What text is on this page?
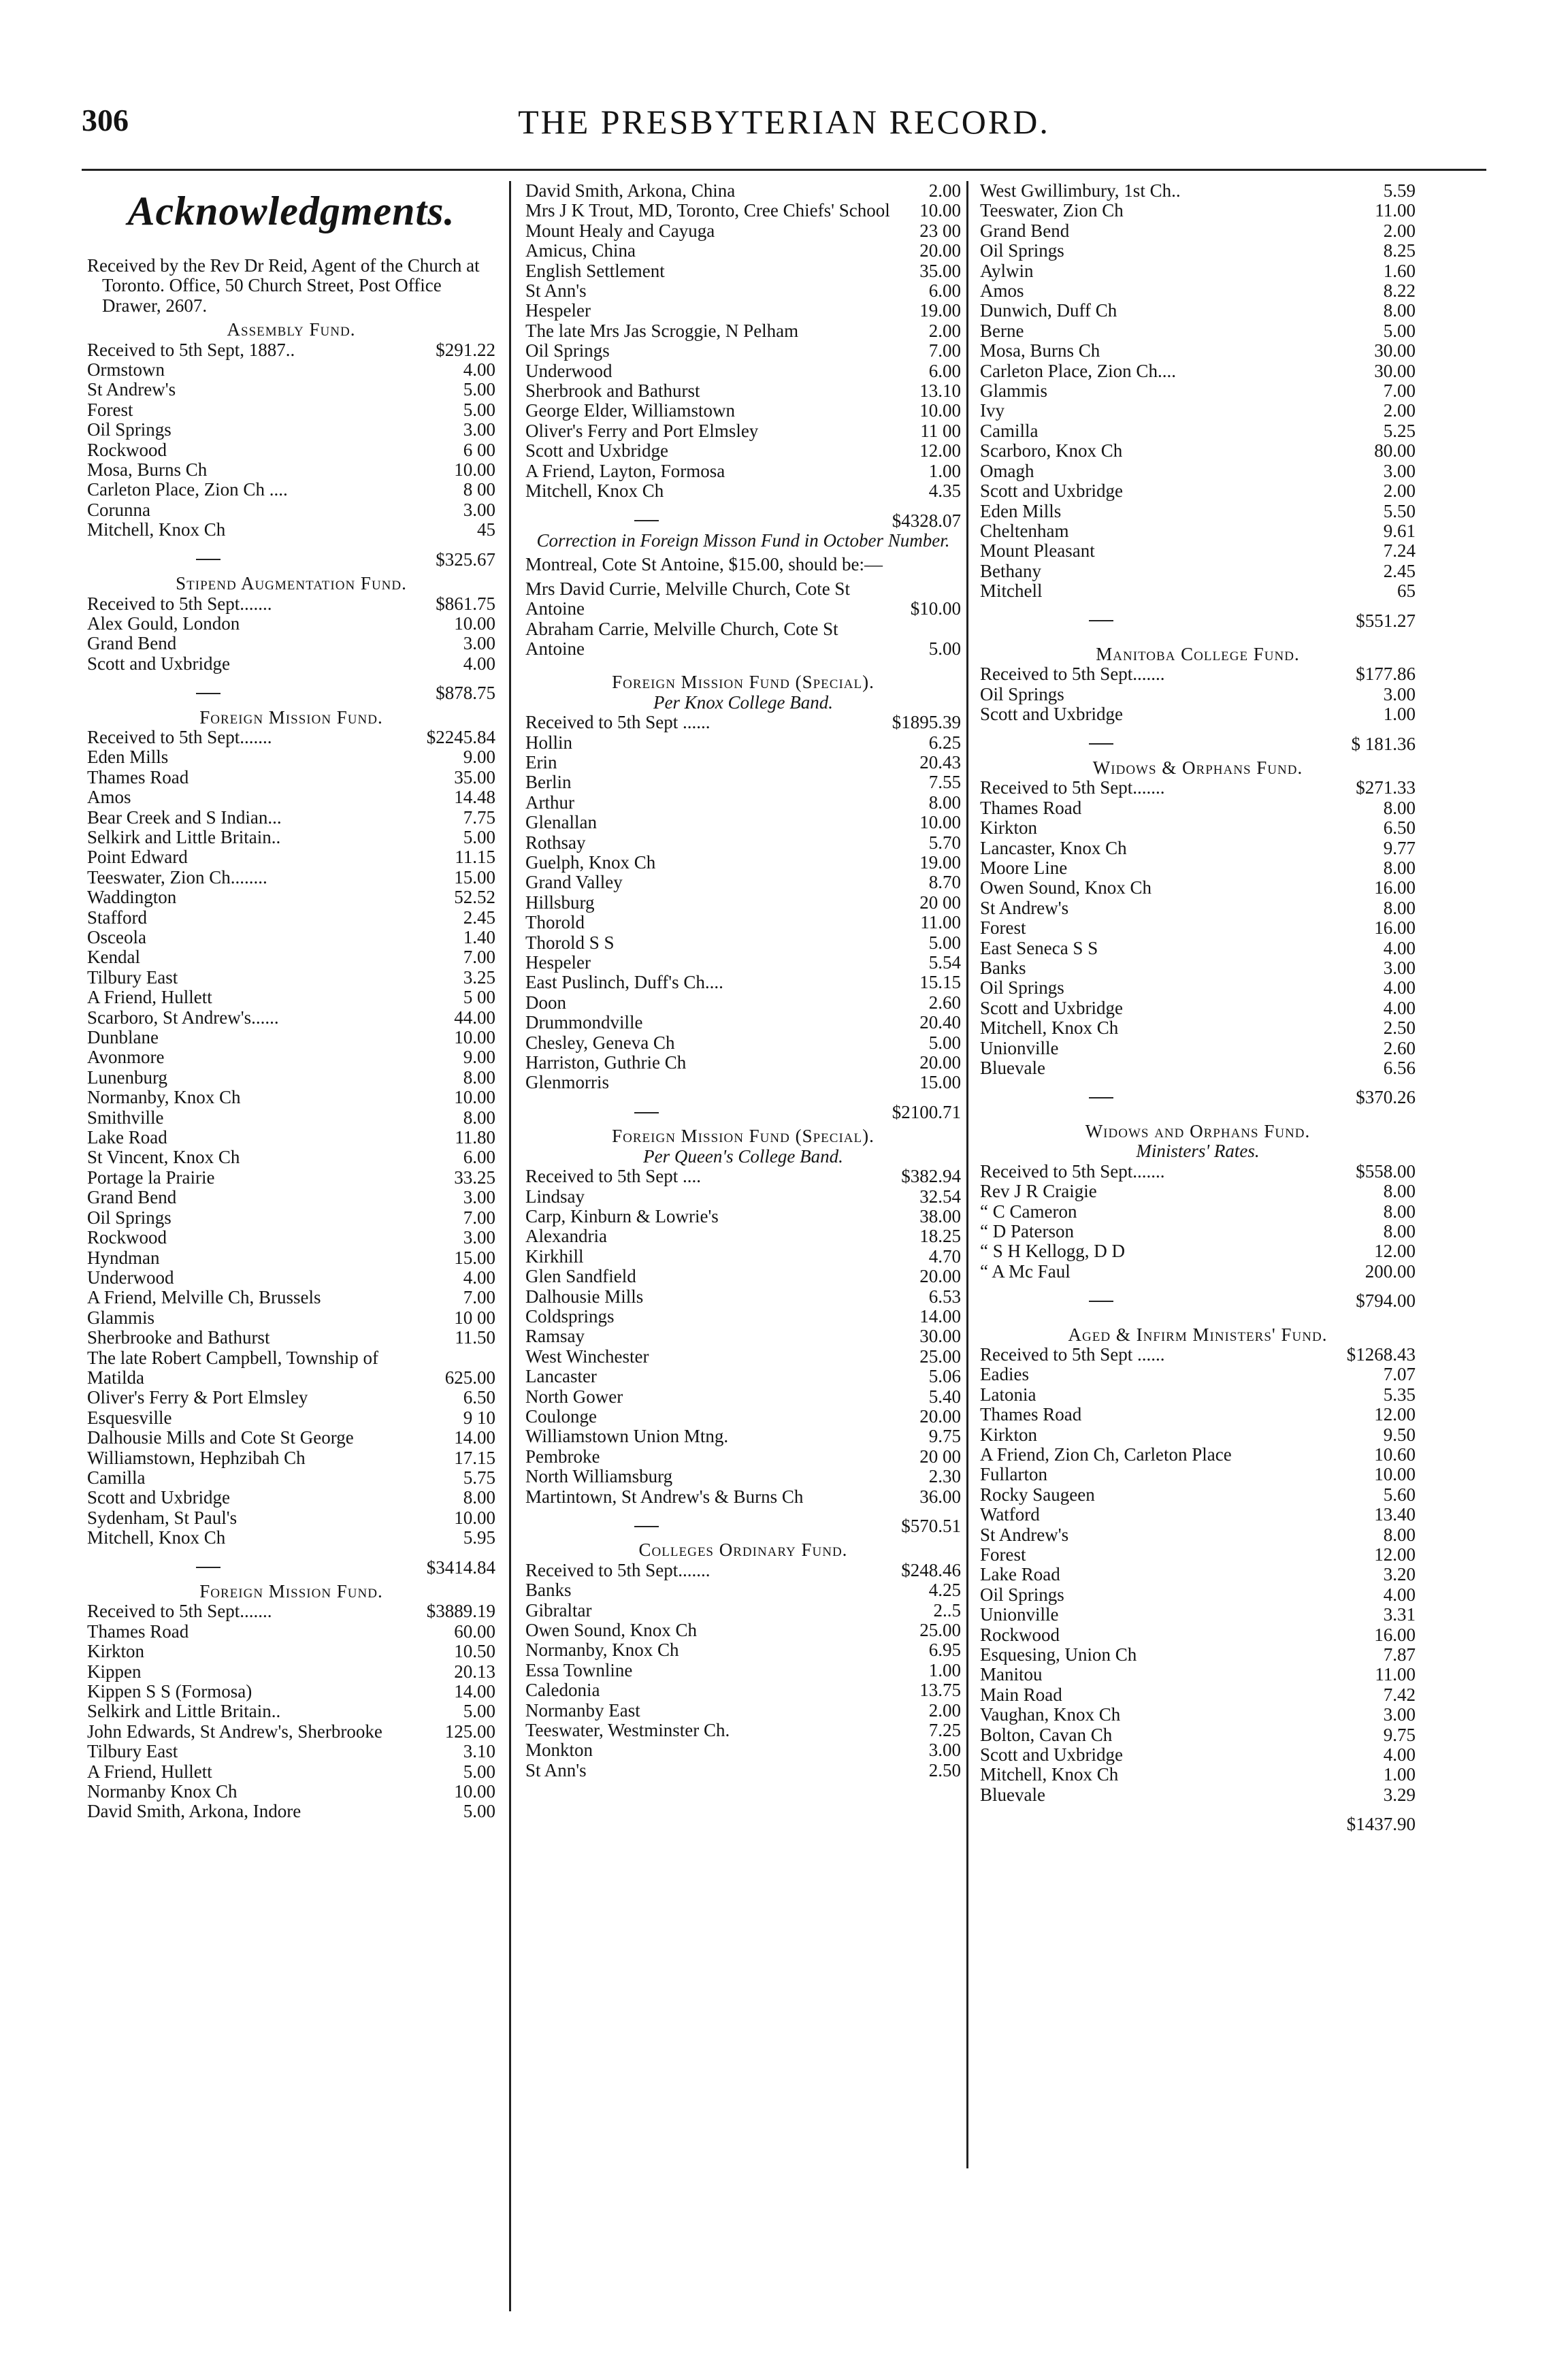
306	THE PRESBYTERIAN RECORD.
Acknowledgments.
Received by the Rev Dr Reid, Agent of the Church at Toronto. Office, 50 Church Street, Post Office Drawer, 2607.
Assembly Fund.
Received to 5th Sept, 1887..	$291.22
Ormstown	4.00
St Andrew's	5.00
Forest	5.00
Oil Springs	3.00
Rockwood	6 00
Mosa, Burns Ch	10.00
Carleton Place, Zion Ch ....	8 00
Corunna	3.00
Mitchell, Knox Ch	45
$325.67
Stipend Augmentation Fund.
Received to 5th Sept.......	$861.75
Alex Gould, London	10.00
Grand Bend	3.00
Scott and Uxbridge	4.00
$878.75
Foreign Mission Fund.
Received to 5th Sept.......	$2245.84
Eden Mills	9.00
Thames Road	35.00
Amos	14.48
Bear Creek and S Indian...	7.75
Selkirk and Little Britain..	5.00
Point Edward	11.15
Teeswater, Zion Ch........	15.00
Waddington	52.52
Stafford	2.45
Osceola	1.40
Kendal	7.00
Tilbury East	3.25
A Friend, Hullett	5 00
Scarboro, St Andrew's......	44.00
Dunblane	10.00
Avonmore	9.00
Lunenburg	8.00
Normanby, Knox Ch	10.00
Smithville	8.00
Lake Road	11.80
St Vincent, Knox Ch	6.00
Portage la Prairie	33.25
Grand Bend	3.00
Oil Springs	7.00
Rockwood	3.00
Hyndman	15.00
Underwood	4.00
A Friend, Melville Ch, Brussels	7.00
Glammis	10 00
Sherbrooke and Bathurst	11.50
The late Robert Campbell, Township of Matilda	625.00
Oliver's Ferry & Port Elmsley	6.50
Esquesville	9 10
Dalhousie Mills and Cote St George	14.00
Williamstown, Hephzibah Ch	17.15
Camilla	5.75
Scott and Uxbridge	8.00
Sydenham, St Paul's	10.00
Mitchell, Knox Ch	5.95
$3414.84
Foreign Mission Fund.
Received to 5th Sept.......	$3889.19
Thames Road	60.00
Kirkton	10.50
Kippen	20.13
Kippen S S (Formosa)	14.00
Selkirk and Little Britain..	5.00
John Edwards, St Andrew's, Sherbrooke	125.00
Tilbury East	3.10
A Friend, Hullett	5.00
Normanby Knox Ch	10.00
David Smith, Arkona, Indore	5.00
David Smith, Arkona, China	2.00
Mrs J K Trout, MD, Toronto, Cree Chiefs' School	10.00
Mount Healy and Cayuga	23 00
Amicus, China	20.00
English Settlement	35.00
St Ann's	6.00
Hespeler	19.00
The late Mrs Jas Scroggie, N Pelham	2.00
Oil Springs	7.00
Underwood	6.00
Sherbrook and Bathurst	13.10
George Elder, Williamstown	10.00
Oliver's Ferry and Port Elmsley	11 00
Scott and Uxbridge	12.00
A Friend, Layton, Formosa	1.00
Mitchell, Knox Ch	4.35
$4328.07
Correction in Foreign Misson Fund in October Number.
Montreal, Cote St Antoine, $15.00, should be:—
Mrs David Currie, Melville Church, Cote St Antoine	$10.00
Abraham Carrie, Melville Church, Cote St Antoine	5.00
Foreign Mission Fund (Special).
Per Knox College Band.
Received to 5th Sept ......	$1895.39
Hollin	6.25
Erin	20.43
Berlin	7.55
Arthur	8.00
Glenallan	10.00
Rothsay	5.70
Guelph, Knox Ch	19.00
Grand Valley	8.70
Hillsburg	20 00
Thorold	11.00
Thorold S S	5.00
Hespeler	5.54
East Puslinch, Duff's Ch....	15.15
Doon	2.60
Drummondville	20.40
Chesley, Geneva Ch	5.00
Harriston, Guthrie Ch	20.00
Glenmorris	15.00
$2100.71
Foreign Mission Fund (Special).
Per Queen's College Band.
Received to 5th Sept ....	$382.94
Lindsay	32.54
Carp, Kinburn & Lowrie's	38.00
Alexandria	18.25
Kirkhill	4.70
Glen Sandfield	20.00
Dalhousie Mills	6.53
Coldsprings	14.00
Ramsay	30.00
West Winchester	25.00
Lancaster	5.06
North Gower	5.40
Coulonge	20.00
Williamstown Union Mtng.	9.75
Pembroke	20 00
North Williamsburg	2.30
Martintown, St Andrew's & Burns Ch	36.00
$570.51
Colleges Ordinary Fund.
Received to 5th Sept.......	$248.46
Banks	4.25
Gibraltar	2..5
Owen Sound, Knox Ch	25.00
Normanby, Knox Ch	6.95
Essa Townline	1.00
Caledonia	13.75
Normanby East	2.00
Teeswater, Westminster Ch.	7.25
Monkton	3.00
St Ann's	2.50
West Gwillimbury, 1st Ch..	5.59
Teeswater, Zion Ch	11.00
Grand Bend	2.00
Oil Springs	8.25
Aylwin	1.60
Amos	8.22
Dunwich, Duff Ch	8.00
Berne	5.00
Mosa, Burns Ch	30.00
Carleton Place, Zion Ch....	30.00
Glammis	7.00
Ivy	2.00
Camilla	5.25
Scarboro, Knox Ch	80.00
Omagh	3.00
Scott and Uxbridge	2.00
Eden Mills	5.50
Cheltenham	9.61
Mount Pleasant	7.24
Bethany	2.45
Mitchell	65
$551.27
Manitoba College Fund.
Received to 5th Sept.......	$177.86
Oil Springs	3.00
Scott and Uxbridge	1.00
$ 181.36
Widows & Orphans Fund.
Received to 5th Sept.......	$271.33
Thames Road	8.00
Kirkton	6.50
Lancaster, Knox Ch	9.77
Moore Line	8.00
Owen Sound, Knox Ch	16.00
St Andrew's	8.00
Forest	16.00
East Seneca S S	4.00
Banks	3.00
Oil Springs	4.00
Scott and Uxbridge	4.00
Mitchell, Knox Ch	2.50
Unionville	2.60
Bluevale	6.56
$370.26
Widows and Orphans Fund.
Ministers' Rates.
Received to 5th Sept.......	$558.00
Rev J R Craigie	8.00
“ C Cameron	8.00
“ D Paterson	8.00
“ S H Kellogg, D D	12.00
“ A Mc Faul	200.00
$794.00
Aged & Infirm Ministers' Fund.
Received to 5th Sept ......	$1268.43
Eadies	7.07
Latonia	5.35
Thames Road	12.00
Kirkton	9.50
A Friend, Zion Ch, Carleton Place	10.60
Fullarton	10.00
Rocky Saugeen	5.60
Watford	13.40
St Andrew's	8.00
Forest	12.00
Lake Road	3.20
Oil Springs	4.00
Unionville	3.31
Rockwood	16.00
Esquesing, Union Ch	7.87
Manitou	11.00
Main Road	7.42
Vaughan, Knox Ch	3.00
Bolton, Cavan Ch	9.75
Scott and Uxbridge	4.00
Mitchell, Knox Ch	1.00
Bluevale	3.29
$1437.90
